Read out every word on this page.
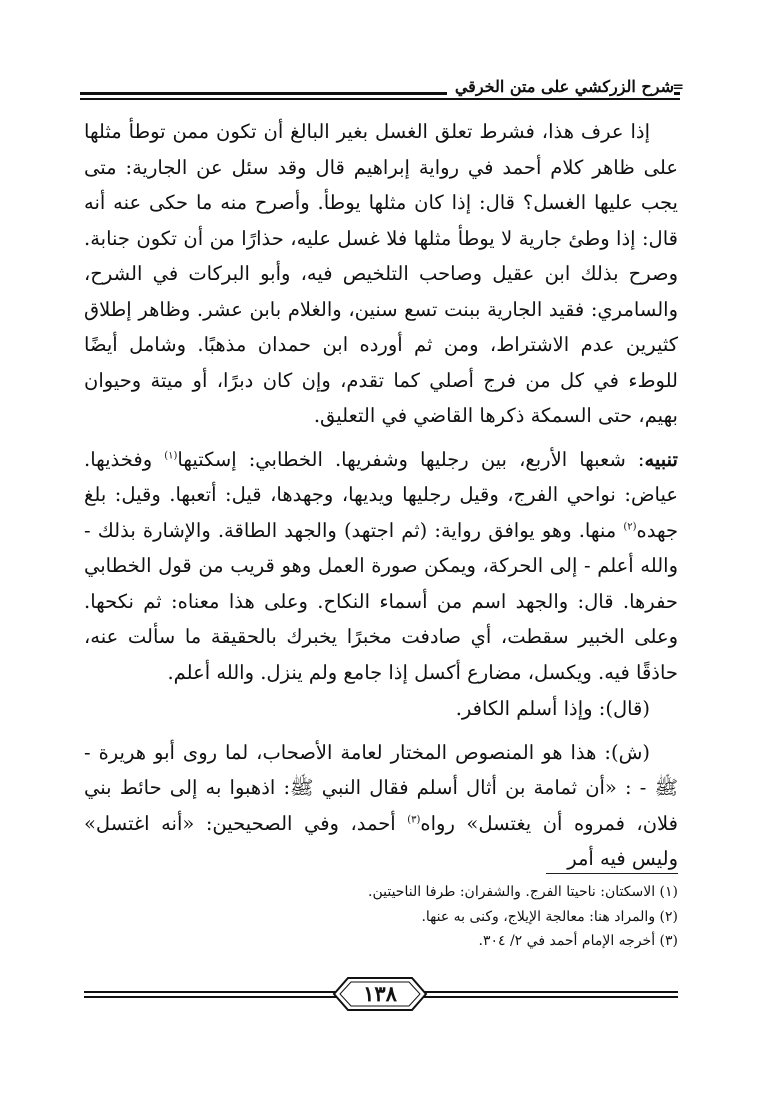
شرح الزركشي على متن الخرقي
=

إذا عرف هذا، فشرط تعلق الغسل بغير البالغ أن تكون ممن توطأ مثلها على ظاهر كلام أحمد في رواية إبراهيم قال وقد سئل عن الجارية: متى يجب عليها الغسل؟ قال: إذا كان مثلها يوطأ. وأصرح منه ما حكى عنه أنه قال: إذا وطئ جارية لا يوطأ مثلها فلا غسل عليه، حذارًا من أن تكون جنابة. وصرح بذلك ابن عقيل وصاحب التلخيص فيه، وأبو البركات في الشرح، والسامري: فقيد الجارية ببنت تسع سنين، والغلام بابن عشر. وظاهر إطلاق كثيرين عدم الاشتراط، ومن ثم أورده ابن حمدان مذهبًا. وشامل أيضًا للوطء في كل من فرج أصلي كما تقدم، وإن كان دبرًا، أو ميتة وحيوان بهيم، حتى السمكة ذكرها القاضي في التعليق.

تنبيه: شعبها الأربع، بين رجليها وشفريها. الخطابي: إسكتيها$^{(١)}$ وفخذيها. عياض: نواحي الفرج، وقيل رجليها ويديها، وجهدها، قيل: أتعبها. وقيل: بلغ جهده$^{(٢)}$ منها. وهو يوافق رواية: (ثم اجتهد) والجهد الطاقة. والإشارة بذلك - والله أعلم - إلى الحركة، ويمكن صورة العمل وهو قريب من قول الخطابي حفرها. قال: والجهد اسم من أسماء النكاح. وعلى هذا معناه: ثم نكحها. وعلى الخبير سقطت، أي صادفت مخبرًا يخبرك بالحقيقة ما سألت عنه، حاذقًا فيه. ويكسل، مضارع أكسل إذا جامع ولم ينزل. والله أعلم.

(قال): وإذا أسلم الكافر.

(ش): هذا هو المنصوص المختار لعامة الأصحاب، لما روى أبو هريرة - ﷺ - : «أن ثمامة بن أثال أسلم فقال النبي ﷺ: اذهبوا به إلى حائط بني فلان، فمروه أن يغتسل» رواه$^{(٣)}$ أحمد، وفي الصحيحين: «أنه اغتسل» وليس فيه أمر

(١) الاسكتان: ناحيتا الفرج. والشفران: طرفا الناحيتين.

(٢) والمراد هنا: معالجة الإيلاج، وكنى به عنها.

(٣) أخرجه الإمام أحمد في ٢/ ٣٠٤.

١٣٨
